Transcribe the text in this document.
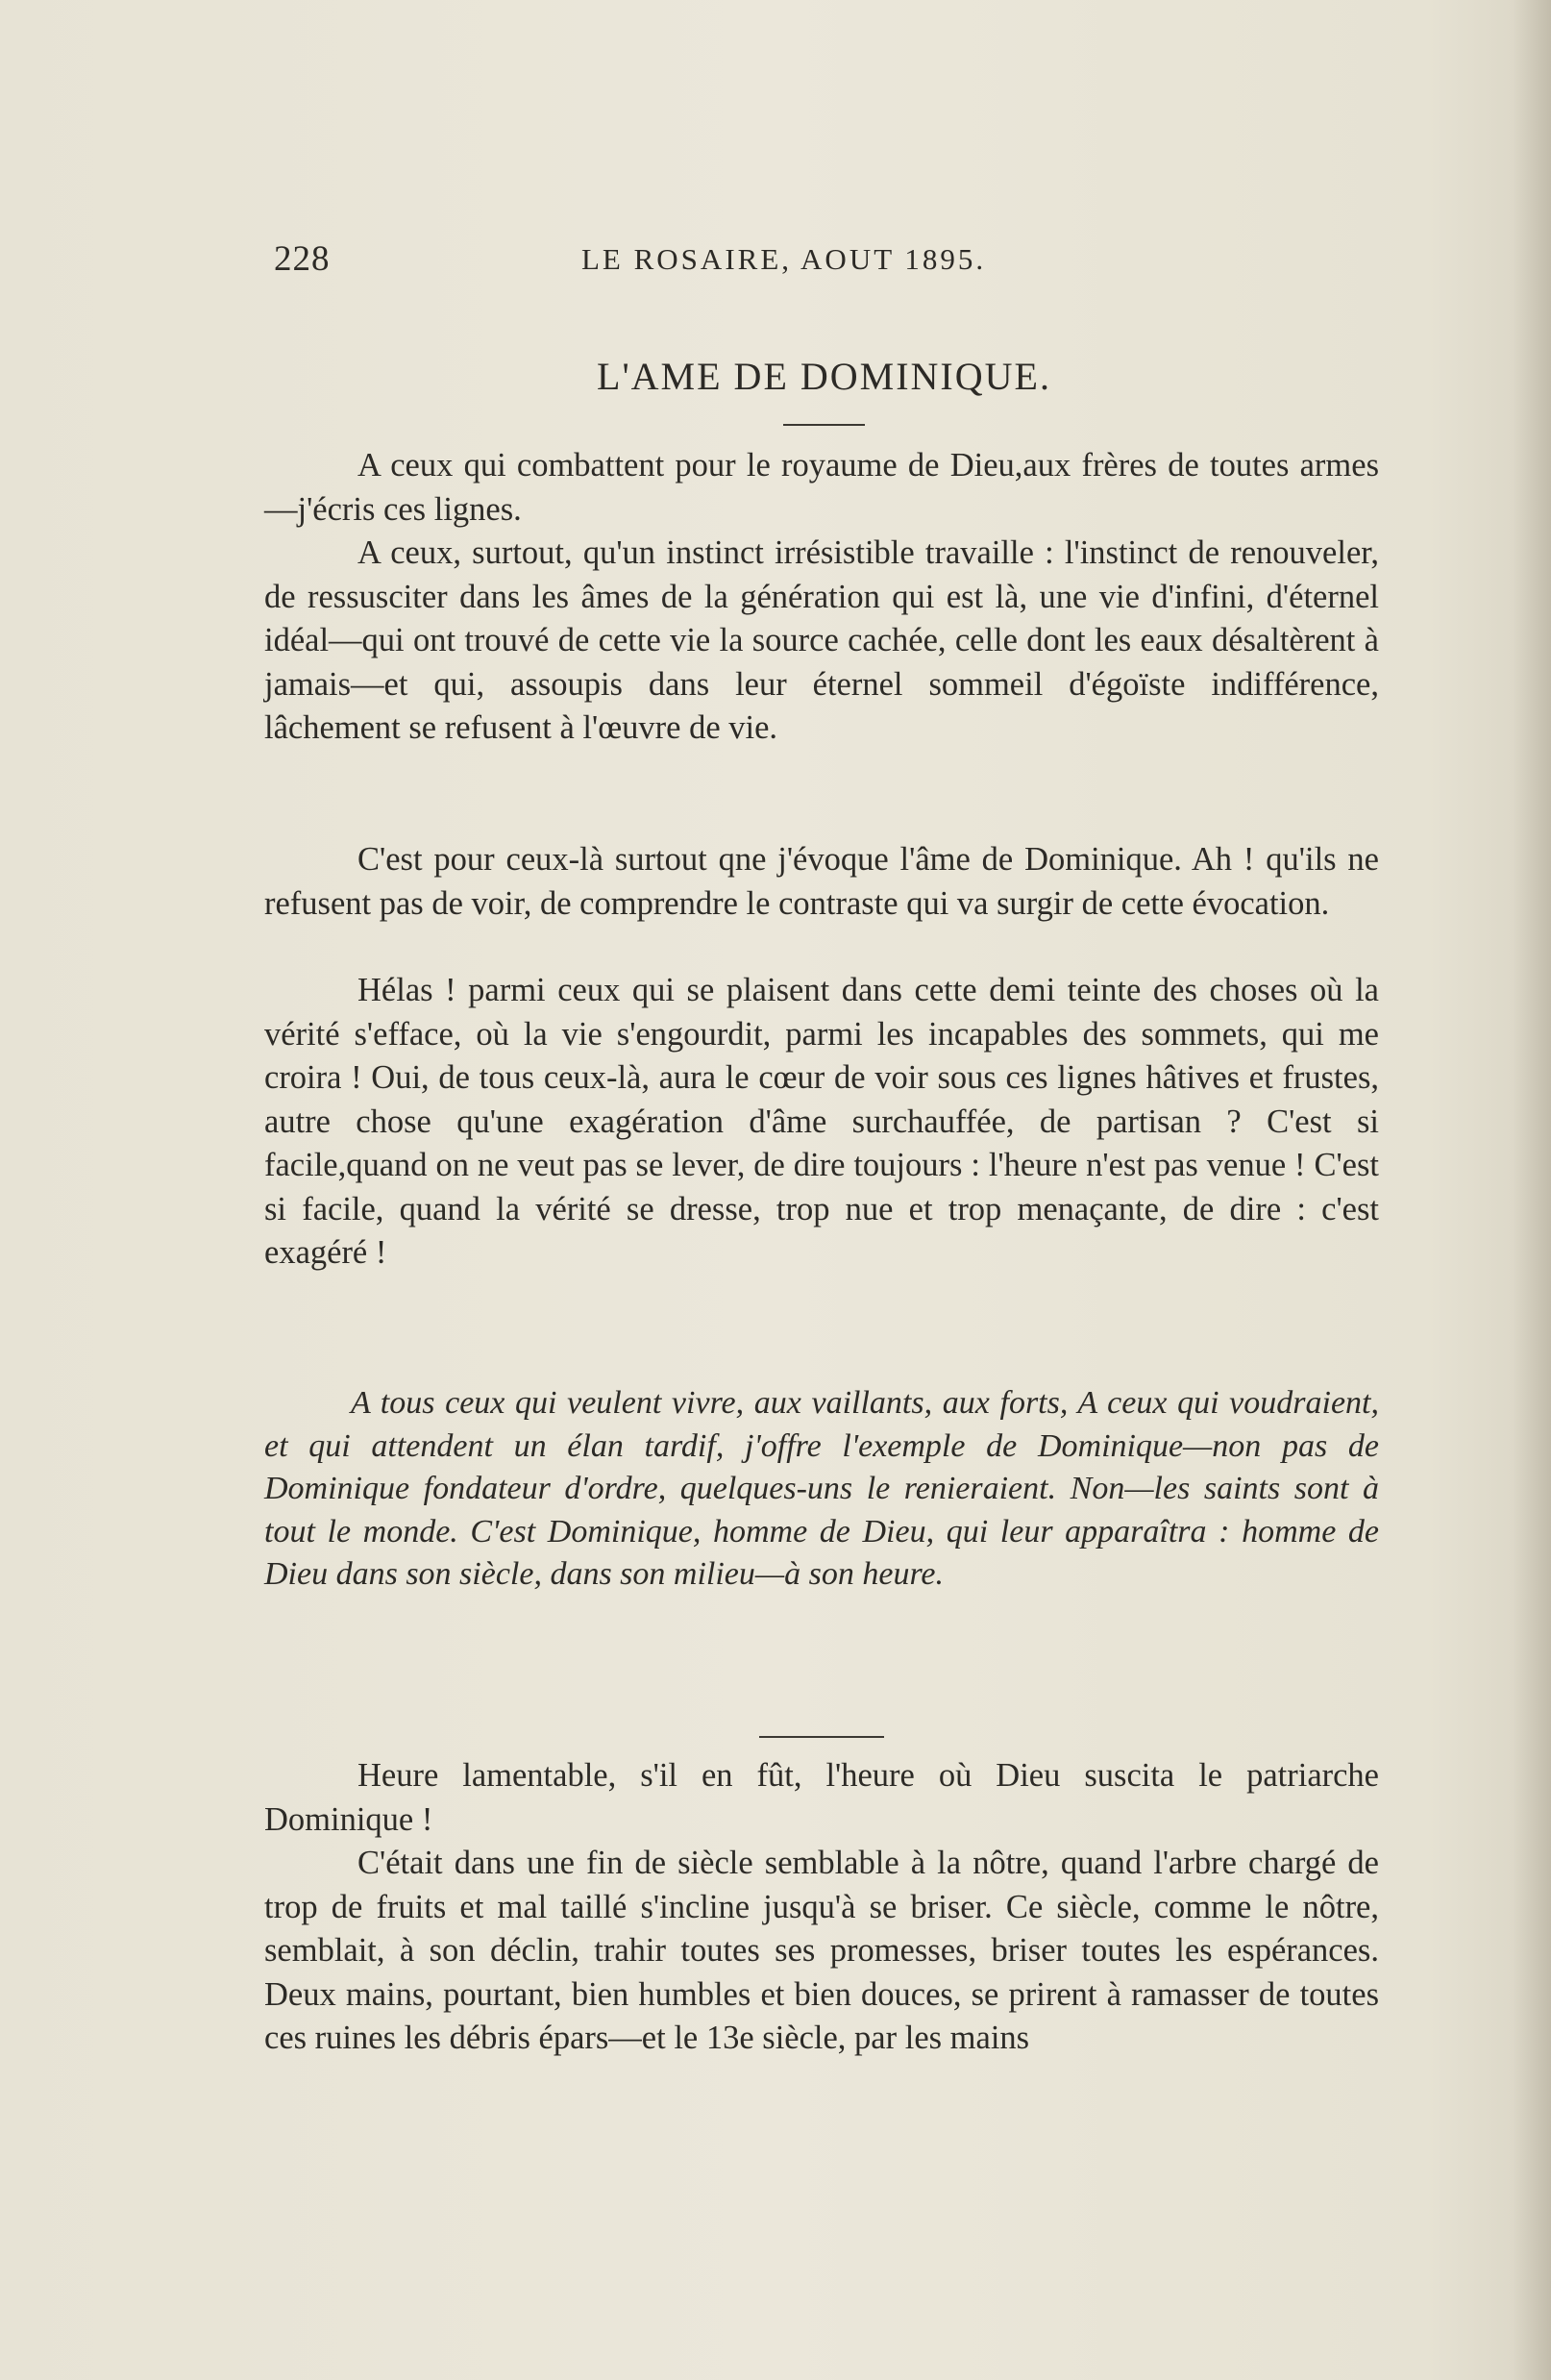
228	LE ROSAIRE, AOUT 1895.
L'AME DE DOMINIQUE.

A ceux qui combattent pour le royaume de Dieu,aux frères de toutes armes—j'écris ces lignes.

A ceux, surtout, qu'un instinct irrésistible travaille : l'instinct de renouveler, de ressusciter dans les âmes de la génération qui est là, une vie d'infini, d'éternel idéal—qui ont trouvé de cette vie la source cachée, celle dont les eaux désaltèrent à jamais—et qui, assoupis dans leur éternel sommeil d'égoïste indifférence, lâchement se refusent à l'œuvre de vie.

C'est pour ceux-là surtout qne j'évoque l'âme de Dominique. Ah ! qu'ils ne refusent pas de voir, de comprendre le contraste qui va surgir de cette évocation.

Hélas ! parmi ceux qui se plaisent dans cette demi teinte des choses où la vérité s'efface, où la vie s'engourdit, parmi les incapables des sommets, qui me croira ! Oui, de tous ceux-là, aura le cœur de voir sous ces lignes hâtives et frustes, autre chose qu'une exagération d'âme surchauffée, de partisan ? C'est si facile,quand on ne veut pas se lever, de dire toujours : l'heure n'est pas venue ! C'est si facile, quand la vérité se dresse, trop nue et trop menaçante, de dire : c'est exagéré !

A tous ceux qui veulent vivre, aux vaillants, aux forts, A ceux qui voudraient, et qui attendent un élan tardif, j'offre l'exemple de Dominique—non pas de Dominique fondateur d'ordre, quelques-uns le renieraient. Non—les saints sont à tout le monde. C'est Dominique, homme de Dieu, qui leur apparaîtra : homme de Dieu dans son siècle, dans son milieu—à son heure.

Heure lamentable, s'il en fût, l'heure où Dieu suscita le patriarche Dominique !

C'était dans une fin de siècle semblable à la nôtre, quand l'arbre chargé de trop de fruits et mal taillé s'incline jusqu'à se briser. Ce siècle, comme le nôtre, semblait, à son déclin, trahir toutes ses promesses, briser toutes les espérances. Deux mains, pourtant, bien humbles et bien douces, se prirent à ramasser de toutes ces ruines les débris épars—et le 13e siècle, par les mains
